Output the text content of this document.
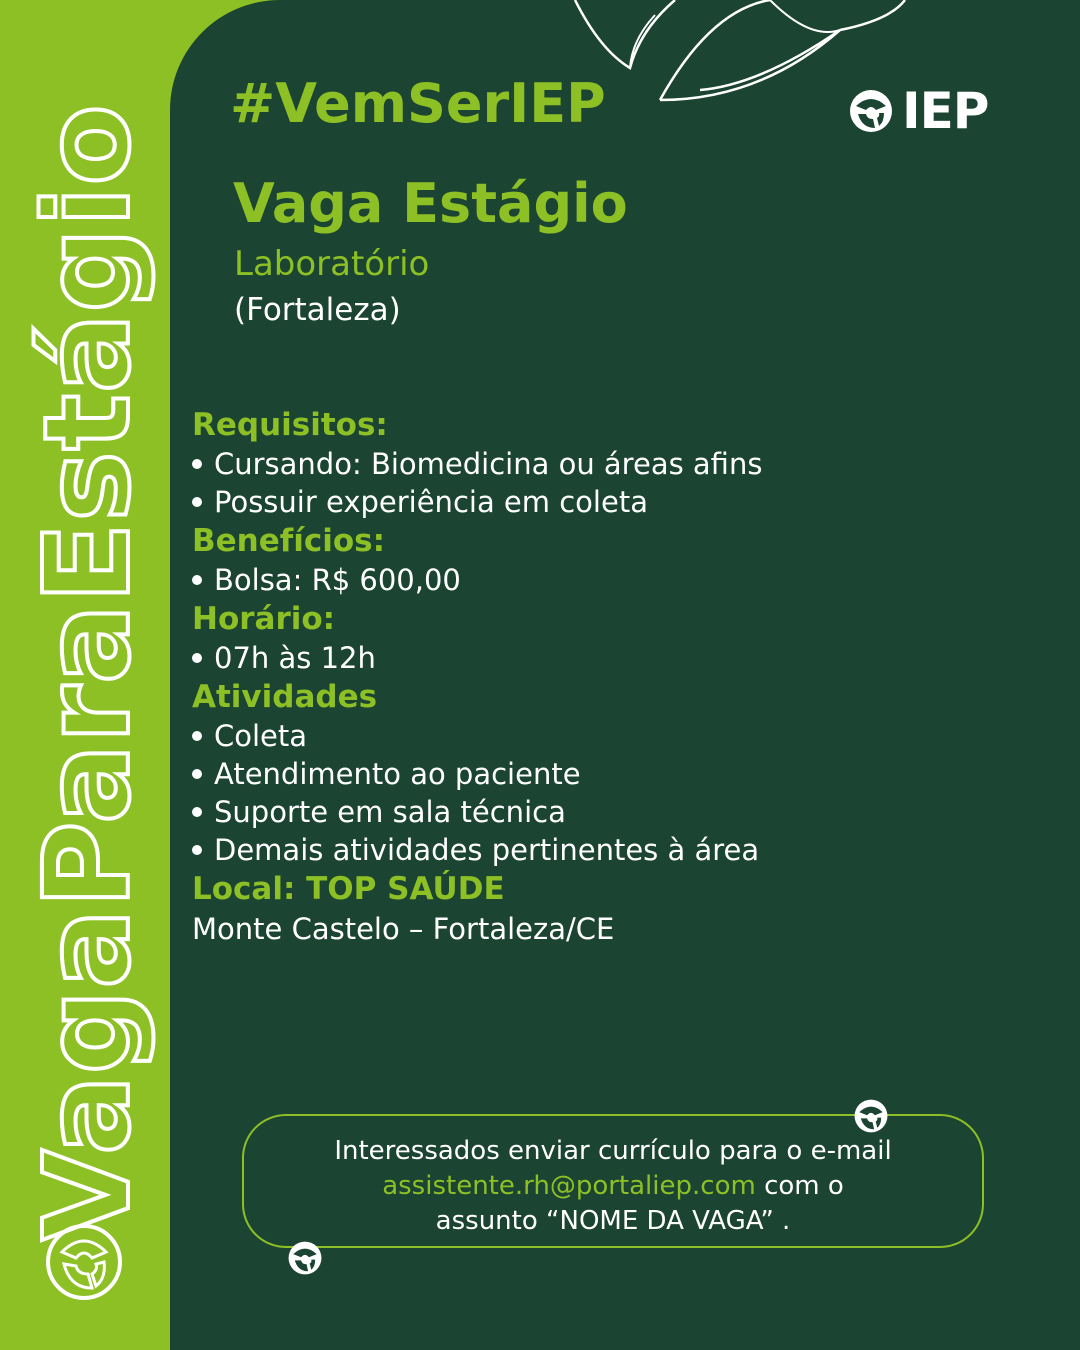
VagaParaEstágio #VemSerIEP	IEP
Vaga Estágio
Laboratório
(Fortaleza)
Requisitos:
Cursando: Biomedicina ou áreas afins
Possuir experiência em coleta
Benefícios:
Bolsa: R$ 600,00
Horário:
07h às 12h
Atividades
Coleta
Atendimento ao paciente
Suporte em sala técnica
Demais atividades pertinentes à área
Local: TOP SAÚDE
Monte Castelo – Fortaleza/CE
Interessados enviar currículo para o e-mail
assistente.rh@portaliep.com com o
assunto “NOME DA VAGA” .
